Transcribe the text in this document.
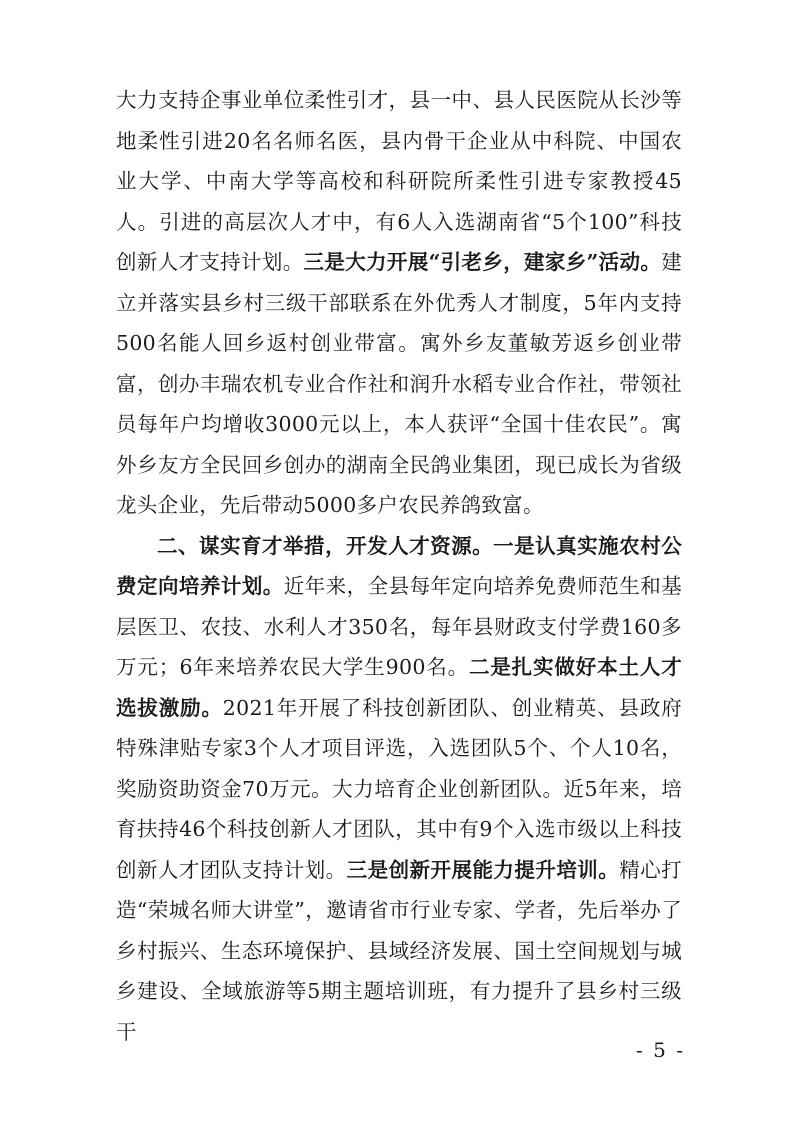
大力支持企事业单位柔性引才，县一中、县人民医院从长沙等地柔性引进20名名师名医，县内骨干企业从中科院、中国农业大学、中南大学等高校和科研院所柔性引进专家教授45人。引进的高层次人才中，有6人入选湖南省“5个100”科技创新人才支持计划。三是大力开展“引老乡，建家乡”活动。建立并落实县乡村三级干部联系在外优秀人才制度，5年内支持500名能人回乡返村创业带富。寓外乡友董敏芳返乡创业带富，创办丰瑞农机专业合作社和润升水稻专业合作社，带领社员每年户均增收3000元以上，本人获评“全国十佳农民”。寓外乡友方全民回乡创办的湖南全民鸽业集团，现已成长为省级龙头企业，先后带动5000多户农民养鸽致富。

二、谋实育才举措，开发人才资源。一是认真实施农村公费定向培养计划。近年来，全县每年定向培养免费师范生和基层医卫、农技、水利人才350名，每年县财政支付学费160多万元；6年来培养农民大学生900名。二是扎实做好本土人才选拔激励。2021年开展了科技创新团队、创业精英、县政府特殊津贴专家3个人才项目评选，入选团队5个、个人10名，奖励资助资金70万元。大力培育企业创新团队。近5年来，培育扶持46个科技创新人才团队，其中有9个入选市级以上科技创新人才团队支持计划。三是创新开展能力提升培训。精心打造“荣城名师大讲堂”，邀请省市行业专家、学者，先后举办了乡村振兴、生态环境保护、县域经济发展、国土空间规划与城乡建设、全域旅游等5期主题培训班，有力提升了县乡村三级干

- 5 -
